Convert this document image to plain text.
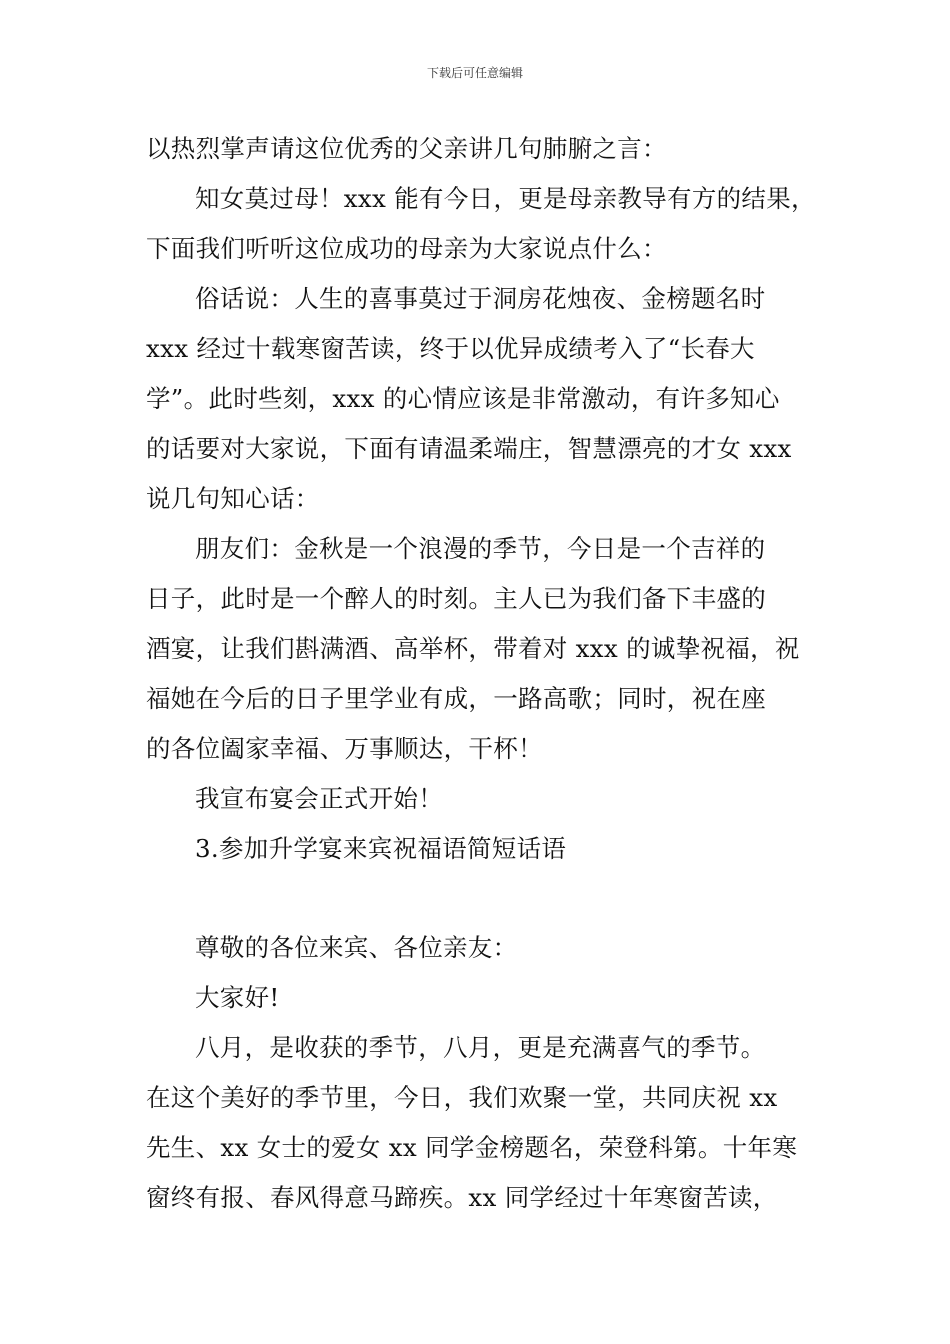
下载后可任意编辑
以热烈掌声请这位优秀的父亲讲几句肺腑之言：
知女莫过母！xxx 能有今日，更是母亲教导有方的结果，
下面我们听听这位成功的母亲为大家说点什么：
俗话说：人生的喜事莫过于洞房花烛夜、金榜题名时
xxx 经过十载寒窗苦读，终于以优异成绩考入了“长春大
学”。此时些刻，xxx 的心情应该是非常激动，有许多知心
的话要对大家说，下面有请温柔端庄，智慧漂亮的才女 xxx
说几句知心话：
朋友们：金秋是一个浪漫的季节，今日是一个吉祥的
日子，此时是一个醉人的时刻。主人已为我们备下丰盛的
酒宴，让我们斟满酒、高举杯，带着对 xxx 的诚挚祝福，祝
福她在今后的日子里学业有成，一路高歌；同时，祝在座
的各位阖家幸福、万事顺达，干杯！
我宣布宴会正式开始！
3.参加升学宴来宾祝福语简短话语
尊敬的各位来宾、各位亲友：
大家好!
八月，是收获的季节，八月，更是充满喜气的季节。
在这个美好的季节里，今日，我们欢聚一堂，共同庆祝 xx
先生、xx 女士的爱女 xx 同学金榜题名，荣登科第。十年寒
窗终有报、春风得意马蹄疾。xx 同学经过十年寒窗苦读，
